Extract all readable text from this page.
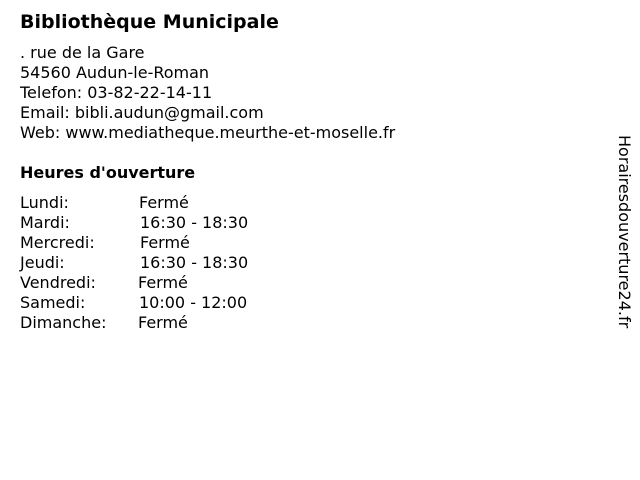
Bibliothèque Municipale
. rue de la Gare
54560 Audun-le-Roman
Telefon: 03-82-22-14-11
Email: bibli.audun@gmail.com
Web: www.mediatheque.meurthe-et-moselle.fr
Heures d'ouverture
Lundi:	Fermé
Mardi:	16:30 - 18:30
Mercredi:	Fermé
Jeudi:	16:30 - 18:30
Vendredi:	Fermé
Samedi:	10:00 - 12:00
Dimanche: Fermé	Horairesdouverture24.fr
